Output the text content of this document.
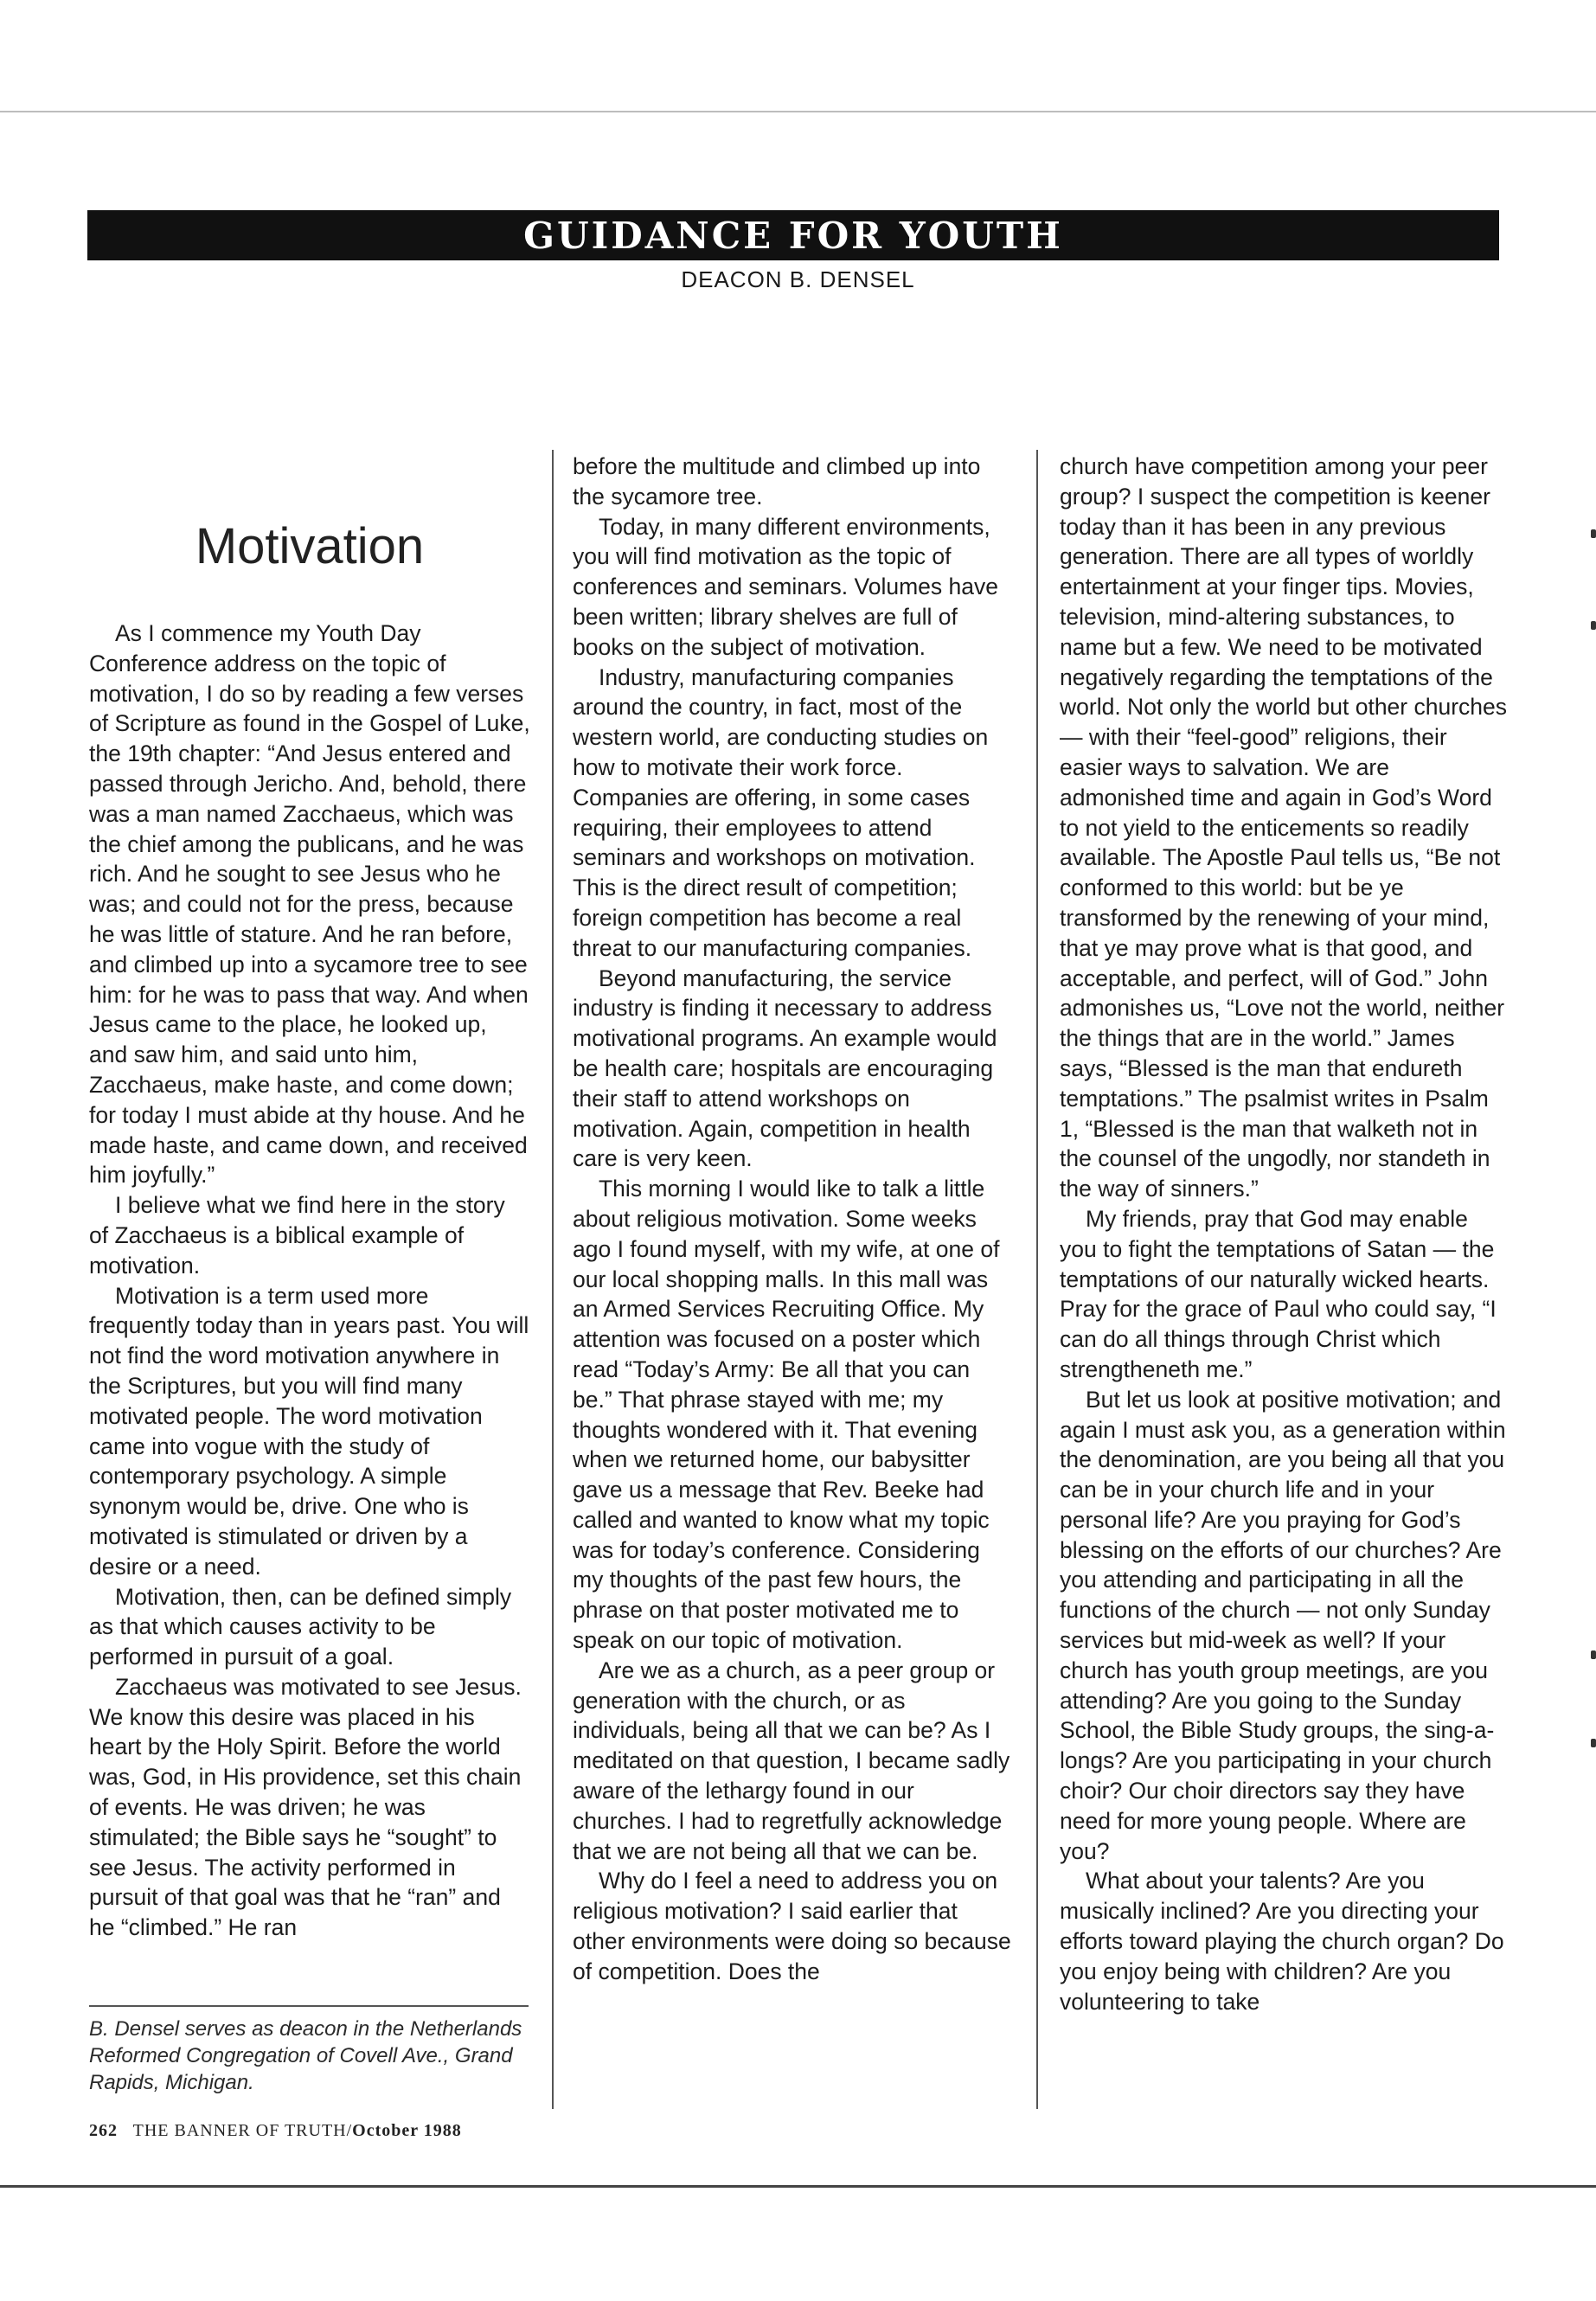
GUIDANCE FOR YOUTH
DEACON B. DENSEL
Motivation

As I commence my Youth Day Conference address on the topic of motivation, I do so by reading a few verses of Scripture as found in the Gospel of Luke, the 19th chapter: “And Jesus entered and passed through Jericho. And, behold, there was a man named Zacchaeus, which was the chief among the publicans, and he was rich. And he sought to see Jesus who he was; and could not for the press, because he was little of stature. And he ran before, and climbed up into a sycamore tree to see him: for he was to pass that way. And when Jesus came to the place, he looked up, and saw him, and said unto him, Zacchaeus, make haste, and come down; for today I must abide at thy house. And he made haste, and came down, and received him joyfully.”

I believe what we find here in the story of Zacchaeus is a biblical example of motivation.

Motivation is a term used more frequently today than in years past. You will not find the word motivation anywhere in the Scriptures, but you will find many motivated people. The word motivation came into vogue with the study of contemporary psychology. A simple synonym would be, drive. One who is motivated is stimulated or driven by a desire or a need.

Motivation, then, can be defined simply as that which causes activity to be performed in pursuit of a goal.

Zacchaeus was motivated to see Jesus. We know this desire was placed in his heart by the Holy Spirit. Before the world was, God, in His providence, set this chain of events. He was driven; he was stimulated; the Bible says he “sought” to see Jesus. The activity performed in pursuit of that goal was that he “ran” and he “climbed.” He ran

before the multitude and climbed up into the sycamore tree.

Today, in many different environments, you will find motivation as the topic of conferences and seminars. Volumes have been written; library shelves are full of books on the subject of motivation.

Industry, manufacturing companies around the country, in fact, most of the western world, are conducting studies on how to motivate their work force. Companies are offering, in some cases requiring, their employees to attend seminars and workshops on motivation. This is the direct result of competition; foreign competition has become a real threat to our manufacturing companies.

Beyond manufacturing, the service industry is finding it necessary to address motivational programs. An example would be health care; hospitals are encouraging their staff to attend workshops on motivation. Again, competition in health care is very keen.

This morning I would like to talk a little about religious motivation. Some weeks ago I found myself, with my wife, at one of our local shopping malls. In this mall was an Armed Services Recruiting Office. My attention was focused on a poster which read “Today’s Army: Be all that you can be.” That phrase stayed with me; my thoughts wondered with it. That evening when we returned home, our babysitter gave us a message that Rev. Beeke had called and wanted to know what my topic was for today’s conference. Considering my thoughts of the past few hours, the phrase on that poster motivated me to speak on our topic of motivation.

Are we as a church, as a peer group or generation with the church, or as individuals, being all that we can be? As I meditated on that question, I became sadly aware of the lethargy found in our churches. I had to regretfully acknowledge that we are not being all that we can be.

Why do I feel a need to address you on religious motivation? I said earlier that other environments were doing so because of competition. Does the

church have competition among your peer group? I suspect the competition is keener today than it has been in any previous generation. There are all types of worldly entertainment at your finger tips. Movies, television, mind-altering substances, to name but a few. We need to be motivated negatively regarding the temptations of the world. Not only the world but other churches — with their “feel-good” religions, their easier ways to salvation. We are admonished time and again in God’s Word to not yield to the enticements so readily available. The Apostle Paul tells us, “Be not conformed to this world: but be ye transformed by the renewing of your mind, that ye may prove what is that good, and acceptable, and perfect, will of God.” John admonishes us, “Love not the world, neither the things that are in the world.” James says, “Blessed is the man that endureth temptations.” The psalmist writes in Psalm 1, “Blessed is the man that walketh not in the counsel of the ungodly, nor standeth in the way of sinners.”

My friends, pray that God may enable you to fight the temptations of Satan — the temptations of our naturally wicked hearts. Pray for the grace of Paul who could say, “I can do all things through Christ which strengtheneth me.”

But let us look at positive motivation; and again I must ask you, as a generation within the denomination, are you being all that you can be in your church life and in your personal life? Are you praying for God’s blessing on the efforts of our churches? Are you attending and participating in all the functions of the church — not only Sunday services but mid-week as well? If your church has youth group meetings, are you attending? Are you going to the Sunday School, the Bible Study groups, the sing-a-longs? Are you participating in your church choir? Our choir directors say they have need for more young people. Where are you?

What about your talents? Are you musically inclined? Are you directing your efforts toward playing the church organ? Do you enjoy being with children? Are you volunteering to take

B. Densel serves as deacon in the Netherlands Reformed Congregation of Covell Ave., Grand Rapids, Michigan.
262 THE BANNER OF TRUTH/October 1988
